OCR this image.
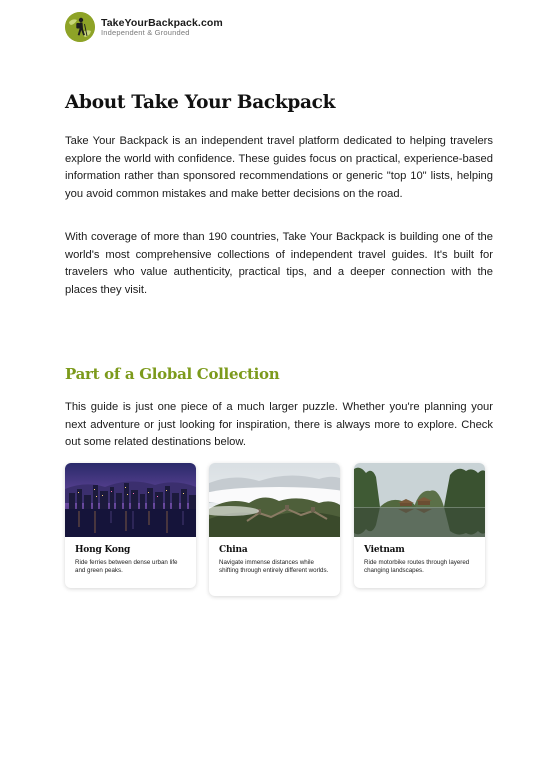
TakeYourBackpack.com
Independent & Grounded
About Take Your Backpack

Take Your Backpack is an independent travel platform dedicated to helping travelers explore the world with confidence. These guides focus on practical, experience-based information rather than sponsored recommendations or generic "top 10" lists, helping you avoid common mistakes and make better decisions on the road.

With coverage of more than 190 countries, Take Your Backpack is building one of the world's most comprehensive collections of independent travel guides. It's built for travelers who value authenticity, practical tips, and a deeper connection with the places they visit.

Part of a Global Collection

This guide is just one piece of a much larger puzzle. Whether you're planning your next adventure or just looking for inspiration, there is always more to explore. Check out some related destinations below.

Hong Kong
Ride ferries between dense urban life and green peaks.
China
Navigate immense distances while shifting through entirely different worlds.
Vietnam
Ride motorbike routes through layered changing landscapes.
